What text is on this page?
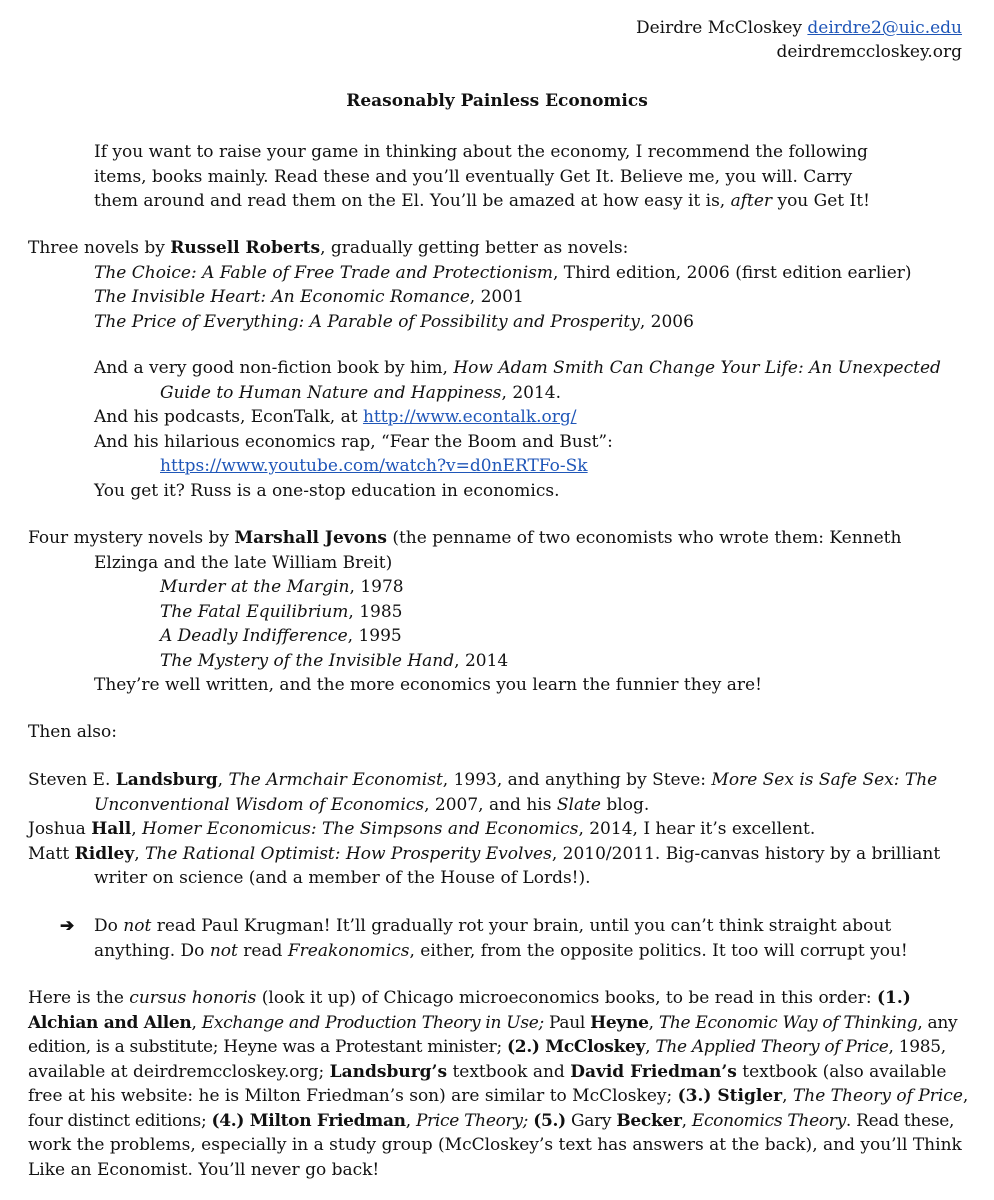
Deirdre McCloskey deirdre2@uic.edu
deirdremccloskey.org
Reasonably Painless Economics
If you want to raise your game in thinking about the economy, I recommend the following
items, books mainly. Read these and you’ll eventually Get It. Believe me, you will. Carry
them around and read them on the El. You’ll be amazed at how easy it is, after you Get It!
Three novels by Russell Roberts, gradually getting better as novels:
The Choice: A Fable of Free Trade and Protectionism, Third edition, 2006 (first edition earlier)
The Invisible Heart: An Economic Romance, 2001
The Price of Everything: A Parable of Possibility and Prosperity, 2006
And a very good non-fiction book by him, How Adam Smith Can Change Your Life: An Unexpected
Guide to Human Nature and Happiness, 2014.
And his podcasts, EconTalk, at http://www.econtalk.org/
And his hilarious economics rap, “Fear the Boom and Bust”:
https://www.youtube.com/watch?v=d0nERTFo-Sk
You get it? Russ is a one-stop education in economics.
Four mystery novels by Marshall Jevons (the penname of two economists who wrote them: Kenneth
Elzinga and the late William Breit)
Murder at the Margin, 1978
The Fatal Equilibrium, 1985
A Deadly Indifference, 1995
The Mystery of the Invisible Hand, 2014
They’re well written, and the more economics you learn the funnier they are!
Then also:
Steven E. Landsburg, The Armchair Economist, 1993, and anything by Steve: More Sex is Safe Sex: The
Unconventional Wisdom of Economics, 2007, and his Slate blog.
Joshua Hall, Homer Economicus: The Simpsons and Economics, 2014, I hear it’s excellent.
Matt Ridley, The Rational Optimist: How Prosperity Evolves, 2010/2011. Big-canvas history by a brilliant
writer on science (and a member of the House of Lords!).
➔ Do not read Paul Krugman! It’ll gradually rot your brain, until you can’t think straight about
anything. Do not read Freakonomics, either, from the opposite politics. It too will corrupt you!
Here is the cursus honoris (look it up) of Chicago microeconomics books, to be read in this order: (1.)
Alchian and Allen, Exchange and Production Theory in Use; Paul Heyne, The Economic Way of Thinking, any
edition, is a substitute; Heyne was a Protestant minister; (2.) McCloskey, The Applied Theory of Price, 1985,
available at deirdremccloskey.org; Landsburg’s textbook and David Friedman’s textbook (also available
free at his website: he is Milton Friedman’s son) are similar to McCloskey; (3.) Stigler, The Theory of Price,
four distinct editions; (4.) Milton Friedman, Price Theory; (5.) Gary Becker, Economics Theory. Read these,
work the problems, especially in a study group (McCloskey’s text has answers at the back), and you’ll Think
Like an Economist. You’ll never go back!
